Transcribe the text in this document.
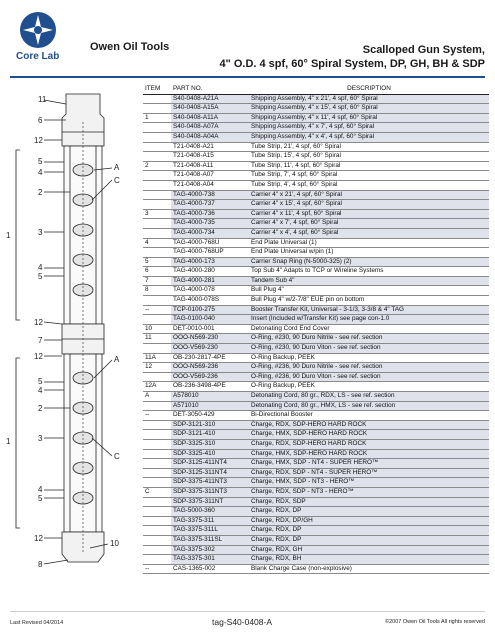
Core Lab
Owen Oil Tools	Scalloped Gun System,
4" O.D. 4 spf, 60° Spiral System, DP, GH, BH & SDP
11
6
12
5
4
2
3
1
A
C
4
5
12
7
12
5
4
2
3
1
A
C
4
5
12
8
10
ITEM	PART NO.	DESCRIPTION
	S40-0408-A21A	Shipping Assembly, 4" x 21', 4 spf, 60° Spiral
	S40-0408-A15A	Shipping Assembly, 4" x 15', 4 spf, 60° Spiral
1	S40-0408-A11A	Shipping Assembly, 4" x 11', 4 spf, 60° Spiral
	S40-0408-A07A	Shipping Assembly, 4" x 7', 4 spf, 60° Spiral
	S40-0408-A04A	Shipping Assembly, 4" x 4', 4 spf, 60° Spiral
	T21-0408-A21	Tube Strip, 21', 4 spf, 60° Spiral
	T21-0408-A15	Tube Strip, 15', 4 spf, 60° Spiral
2	T21-0408-A11	Tube Strip, 11', 4 spf, 60° Spiral
	T21-0408-A07	Tube Strip, 7', 4 spf, 60° Spiral
	T21-0408-A04	Tube Strip, 4', 4 spf, 60° Spiral
	TAG-4000-738	Carrier 4" x 21', 4 spf, 60° Spiral
	TAG-4000-737	Carrier 4" x 15', 4 spf, 60° Spiral
3	TAG-4000-736	Carrier 4" x 11', 4 spf, 60° Spiral
	TAG-4000-735	Carrier 4" x 7', 4 spf, 60° Spiral
	TAG-4000-734	Carrier 4" x 4', 4 spf, 60° Spiral
4	TAG-4000-768U	End Plate Universal (1)
	TAG-4000-768UP	End Plate Universal w/pin (1)
5	TAG-4000-173	Carrier Snap Ring (N-5000-325) (2)
6	TAG-4000-280	Top Sub 4" Adapts to TCP or Wireline Systems
7	TAG-4000-281	Tandem Sub 4"
8	TAG-4000-078	Bull Plug 4"
	TAG-4000-078S	Bull Plug 4" w/2-7/8" EUE pin on bottom
--	TCP-0100-275	Booster Transfer Kit, Universal - 3-1/3, 3-3/8 & 4" TAG
	TAG-0100-040	Insert (Included w/Transfer Kit) see page con-1.0
10	DET-0010-001	Detonating Cord End Cover
11	OOO-N569-230	O-Ring, #230, 90 Duro Nitrile - see ref. section
	OOO-V569-230	O-Ring, #230, 90 Duro Viton - see ref. section
11A	OB-230-2817-4PE	O-Ring Backup, PEEK
12	OOO-N569-236	O-Ring, #236, 90 Duro Nitrile - see ref. section
	OOO-V569-236	O-Ring, #236, 90 Duro Viton - see ref. section
12A	OB-236-3498-4PE	O-Ring Backup, PEEK
A	A578010	Detonating Cord, 80 gr., RDX, LS - see ref. section
	A571010	Detonating Cord, 80 gr., HMX, LS - see ref. section
--	DET-3050-429	Bi-Directional Booster
	SDP-3121-310	Charge, RDX, SDP-HERO HARD ROCK
	SDP-3121-410	Charge, HMX, SDP-HERO HARD ROCK
	SDP-3325-310	Charge, RDX, SDP-HERO HARD ROCK
	SDP-3325-410	Charge, HMX, SDP-HERO HARD ROCK
	SDP-3125-411NT4	Charge, HMX, SDP - NT4 - SUPER HERO™
	SDP-3125-311NT4	Charge, RDX, SDP - NT4 - SUPER HERO™
	SDP-3375-411NT3	Charge, HMX, SDP - NT3 - HERO™
C	SDP-3375-311NT3	Charge, RDX, SDP - NT3 - HERO™
	SDP-3375-311NT	Charge, RDX, SDP
	TAG-5000-360	Charge, RDX, DP
	TAG-3375-311	Charge, RDX, DP/GH
	TAG-3375-311L	Charge, RDX, DP
	TAG-3375-311SL	Charge, RDX, DP
	TAG-3375-302	Charge, RDX, GH
	TAG-3375-301	Charge, RDX, BH
--	CAS-1365-002	Blank Charge Case (non-explosive)
Last Revised 04/2014	tag-S40-0408-A	©2007 Owen Oil Tools All rights reserved
